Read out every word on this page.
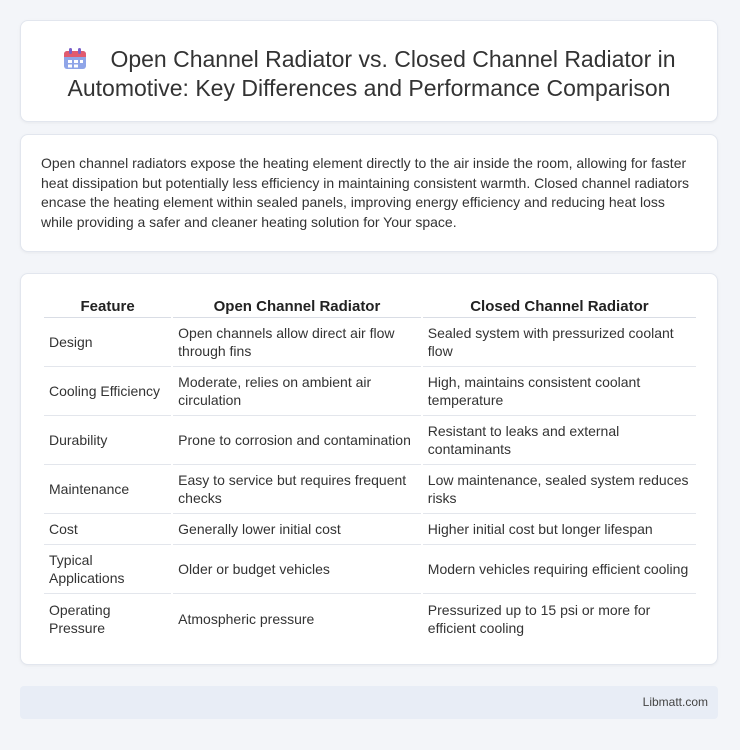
Open Channel Radiator vs. Closed Channel Radiator in Automotive: Key Differences and Performance Comparison

Open channel radiators expose the heating element directly to the air inside the room, allowing for faster heat dissipation but potentially less efficiency in maintaining consistent warmth. Closed channel radiators encase the heating element within sealed panels, improving energy efficiency and reducing heat loss while providing a safer and cleaner heating solution for Your space.

Feature	Open Channel Radiator	Closed Channel Radiator
Design	Open channels allow direct air flow through fins	Sealed system with pressurized coolant flow
Cooling Efficiency	Moderate, relies on ambient air circulation	High, maintains consistent coolant temperature
Durability	Prone to corrosion and contamination	Resistant to leaks and external contaminants
Maintenance	Easy to service but requires frequent checks	Low maintenance, sealed system reduces risks
Cost	Generally lower initial cost	Higher initial cost but longer lifespan
Typical Applications	Older or budget vehicles	Modern vehicles requiring efficient cooling
Operating Pressure	Atmospheric pressure	Pressurized up to 15 psi or more for efficient cooling
Libmatt.com
